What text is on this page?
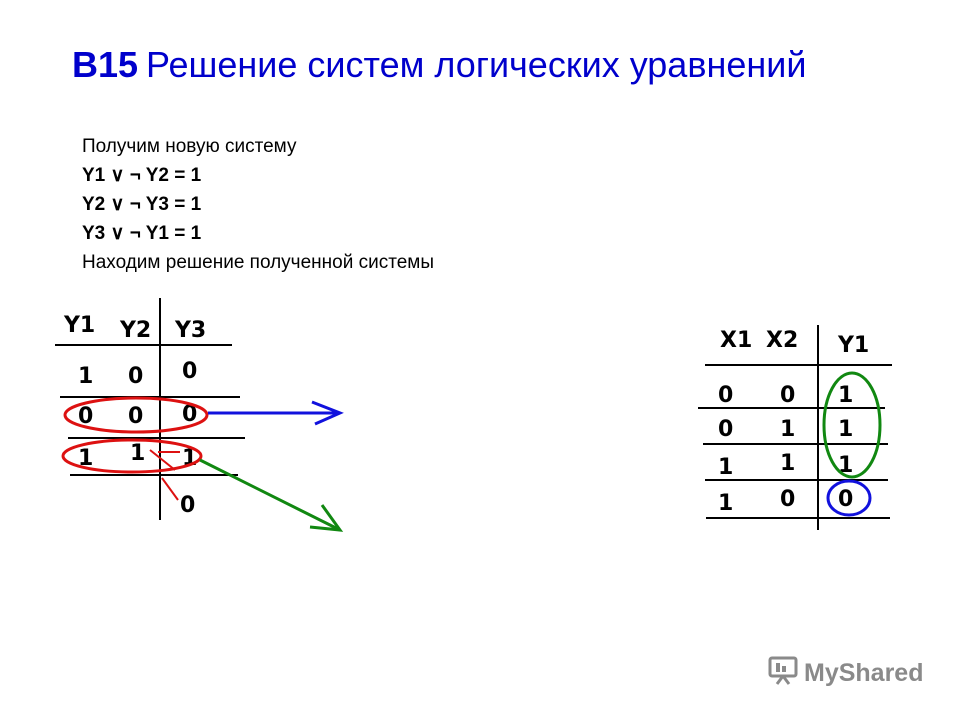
B15 Решение систем логических уравнений
Получим новую систему
Y1 ∨ ¬ Y2 = 1
Y2 ∨ ¬ Y3 = 1
Y3 ∨ ¬ Y1 = 1
Находим решение полученной системы
Y1 Y2 Y3
1 0 0
0 0 0
1 1 1
0
X1 X2 Y1
0 0 1
0 1 1
1 1 1
1 0 0
MyShared
